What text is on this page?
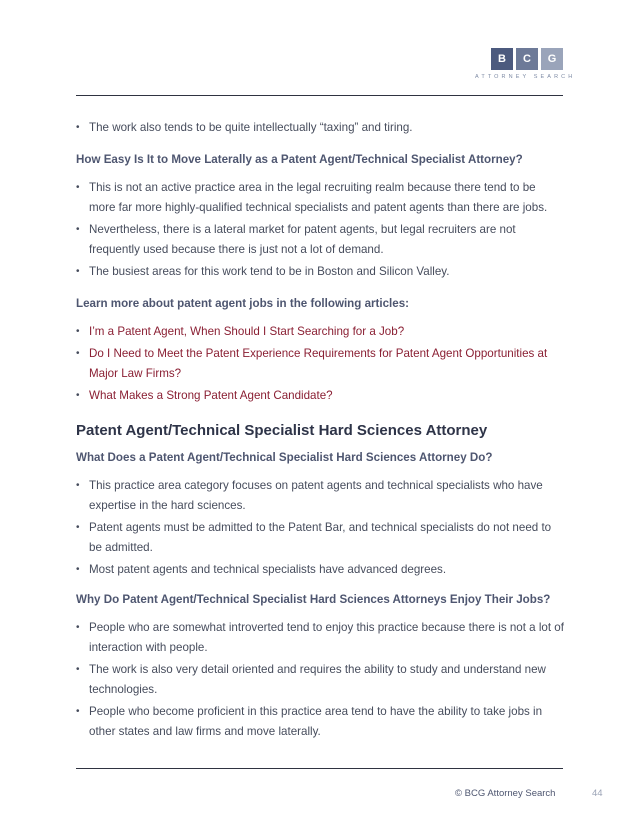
B	C	G
ATTORNEY SEARCH
• The work also tends to be quite intellectually “taxing” and tiring.
How Easy Is It to Move Laterally as a Patent Agent/Technical Specialist Attorney?
• This is not an active practice area in the legal recruiting realm because there tend to be more far more highly-qualified technical specialists and patent agents than there are jobs.
• Nevertheless, there is a lateral market for patent agents, but legal recruiters are not frequently used because there is just not a lot of demand.
• The busiest areas for this work tend to be in Boston and Silicon Valley.
Learn more about patent agent jobs in the following articles:
• I’m a Patent Agent, When Should I Start Searching for a Job?
• Do I Need to Meet the Patent Experience Requirements for Patent Agent Opportunities at Major Law Firms?
• What Makes a Strong Patent Agent Candidate?
Patent Agent/Technical Specialist Hard Sciences Attorney
What Does a Patent Agent/Technical Specialist Hard Sciences Attorney Do?
• This practice area category focuses on patent agents and technical specialists who have expertise in the hard sciences.
• Patent agents must be admitted to the Patent Bar, and technical specialists do not need to be admitted.
• Most patent agents and technical specialists have advanced degrees.
Why Do Patent Agent/Technical Specialist Hard Sciences Attorneys Enjoy Their Jobs?
• People who are somewhat introverted tend to enjoy this practice because there is not a lot of interaction with people.
• The work is also very detail oriented and requires the ability to study and understand new technologies.
• People who become proficient in this practice area tend to have the ability to take jobs in other states and law firms and move laterally.
© BCG Attorney Search	44
